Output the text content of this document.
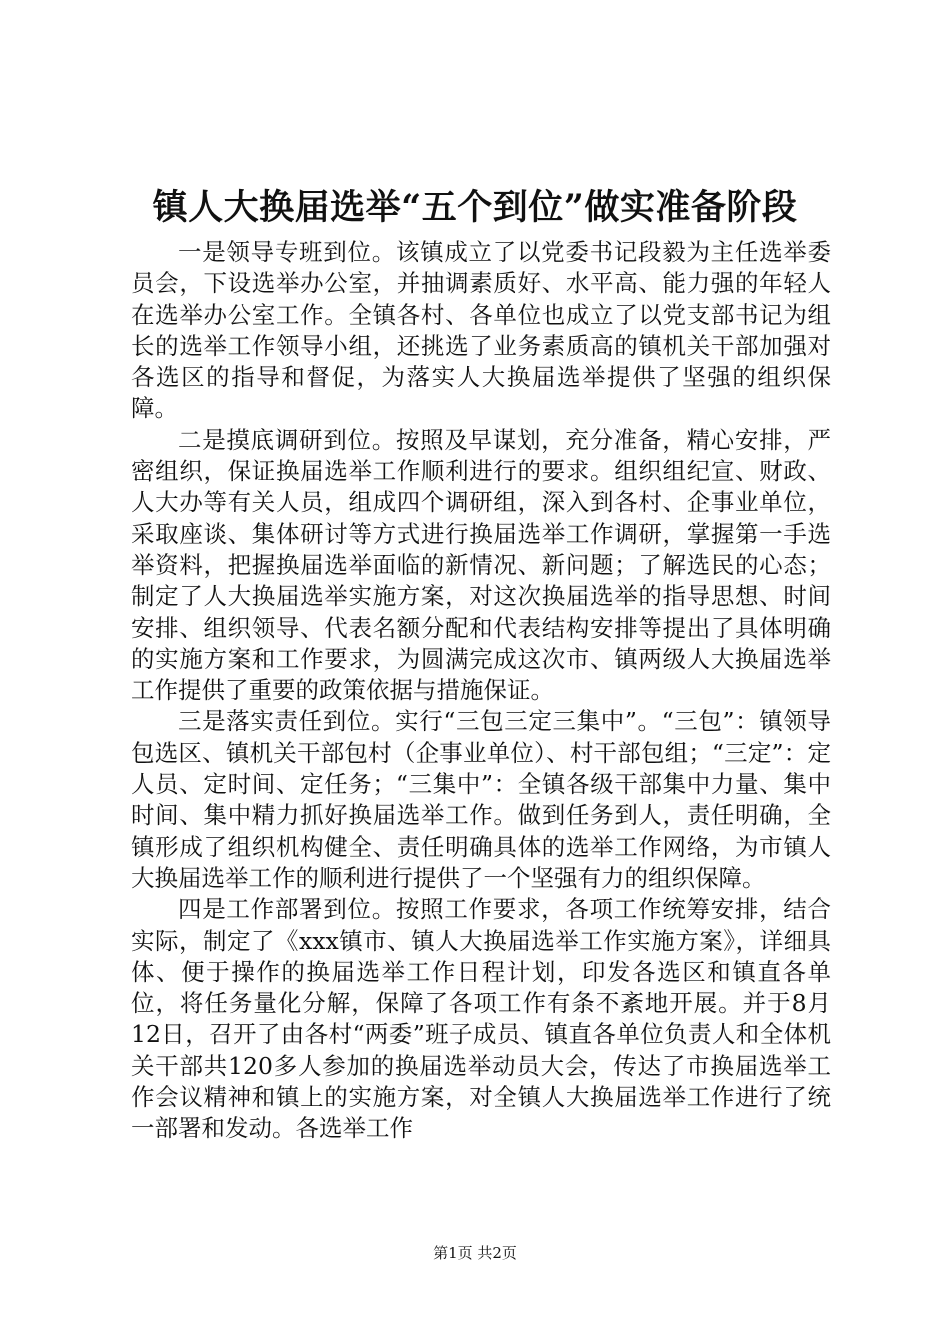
镇人大换届选举“五个到位”做实准备阶段

一是领导专班到位。该镇成立了以党委书记段毅为主任选举委员会，下设选举办公室，并抽调素质好、水平高、能力强的年轻人在选举办公室工作。全镇各村、各单位也成立了以党支部书记为组长的选举工作领导小组，还挑选了业务素质高的镇机关干部加强对各选区的指导和督促，为落实人大换届选举提供了坚强的组织保障。

二是摸底调研到位。按照及早谋划，充分准备，精心安排，严密组织，保证换届选举工作顺利进行的要求。组织组纪宣、财政、人大办等有关人员，组成四个调研组，深入到各村、企事业单位，采取座谈、集体研讨等方式进行换届选举工作调研，掌握第一手选举资料，把握换届选举面临的新情况、新问题；了解选民的心态；制定了人大换届选举实施方案，对这次换届选举的指导思想、时间安排、组织领导、代表名额分配和代表结构安排等提出了具体明确的实施方案和工作要求，为圆满完成这次市、镇两级人大换届选举工作提供了重要的政策依据与措施保证。

三是落实责任到位。实行“三包三定三集中”。“三包”：镇领导包选区、镇机关干部包村（企事业单位）、村干部包组；“三定”：定人员、定时间、定任务；“三集中”：全镇各级干部集中力量、集中时间、集中精力抓好换届选举工作。做到任务到人，责任明确，全镇形成了组织机构健全、责任明确具体的选举工作网络，为市镇人大换届选举工作的顺利进行提供了一个坚强有力的组织保障。

四是工作部署到位。按照工作要求，各项工作统筹安排，结合实际，制定了《xxx镇市、镇人大换届选举工作实施方案》，详细具体、便于操作的换届选举工作日程计划，印发各选区和镇直各单位，将任务量化分解，保障了各项工作有条不紊地开展。并于8月12日，召开了由各村“两委”班子成员、镇直各单位负责人和全体机关干部共120多人参加的换届选举动员大会，传达了市换届选举工作会议精神和镇上的实施方案，对全镇人大换届选举工作进行了统一部署和发动。各选举工作

第1页 共2页
